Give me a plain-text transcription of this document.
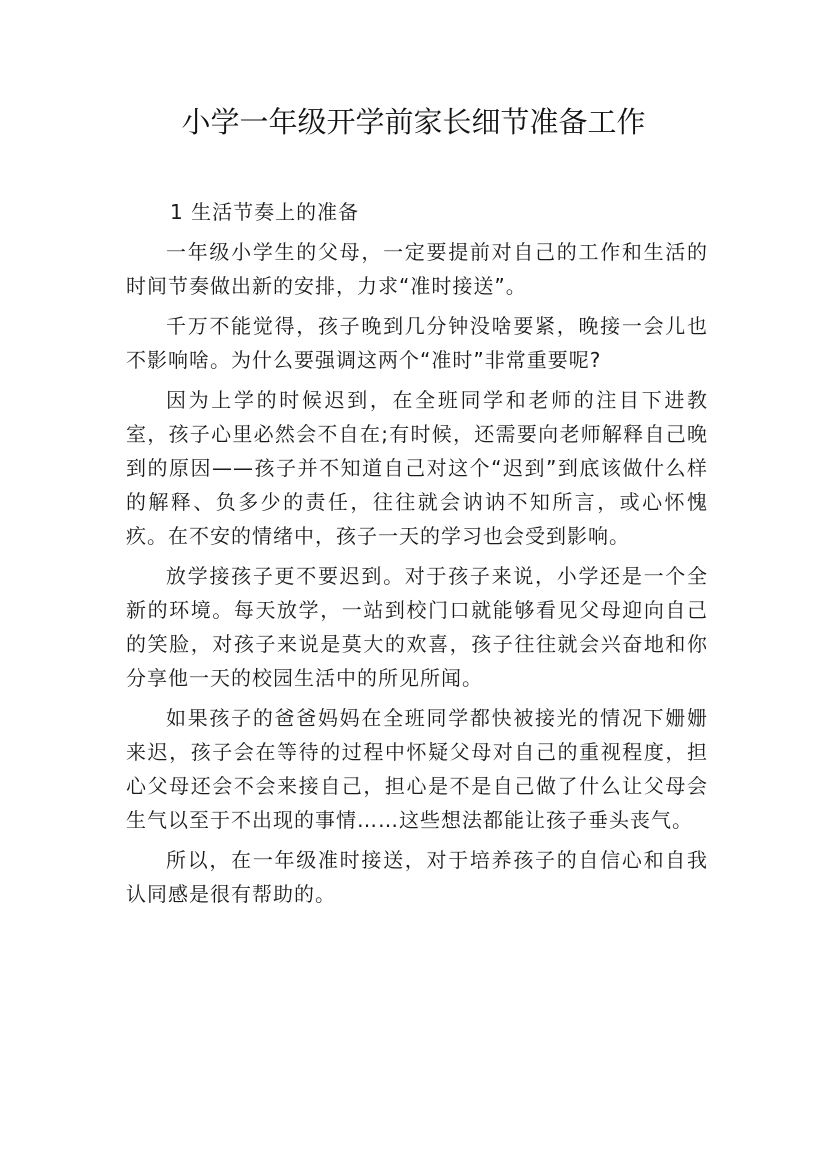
小学一年级开学前家长细节准备工作

1 生活节奏上的准备

一年级小学生的父母，一定要提前对自己的工作和生活的时间节奏做出新的安排，力求“准时接送”。

千万不能觉得，孩子晚到几分钟没啥要紧，晚接一会儿也不影响啥。为什么要强调这两个“准时”非常重要呢?

因为上学的时候迟到，在全班同学和老师的注目下进教室，孩子心里必然会不自在;有时候，还需要向老师解释自己晚到的原因——孩子并不知道自己对这个“迟到”到底该做什么样的解释、负多少的责任，往往就会讷讷不知所言，或心怀愧疚。在不安的情绪中，孩子一天的学习也会受到影响。

放学接孩子更不要迟到。对于孩子来说，小学还是一个全新的环境。每天放学，一站到校门口就能够看见父母迎向自己的笑脸，对孩子来说是莫大的欢喜，孩子往往就会兴奋地和你分享他一天的校园生活中的所见所闻。

如果孩子的爸爸妈妈在全班同学都快被接光的情况下姗姗来迟，孩子会在等待的过程中怀疑父母对自己的重视程度，担心父母还会不会来接自己，担心是不是自己做了什么让父母会生气以至于不出现的事情……这些想法都能让孩子垂头丧气。

所以，在一年级准时接送，对于培养孩子的自信心和自我认同感是很有帮助的。
